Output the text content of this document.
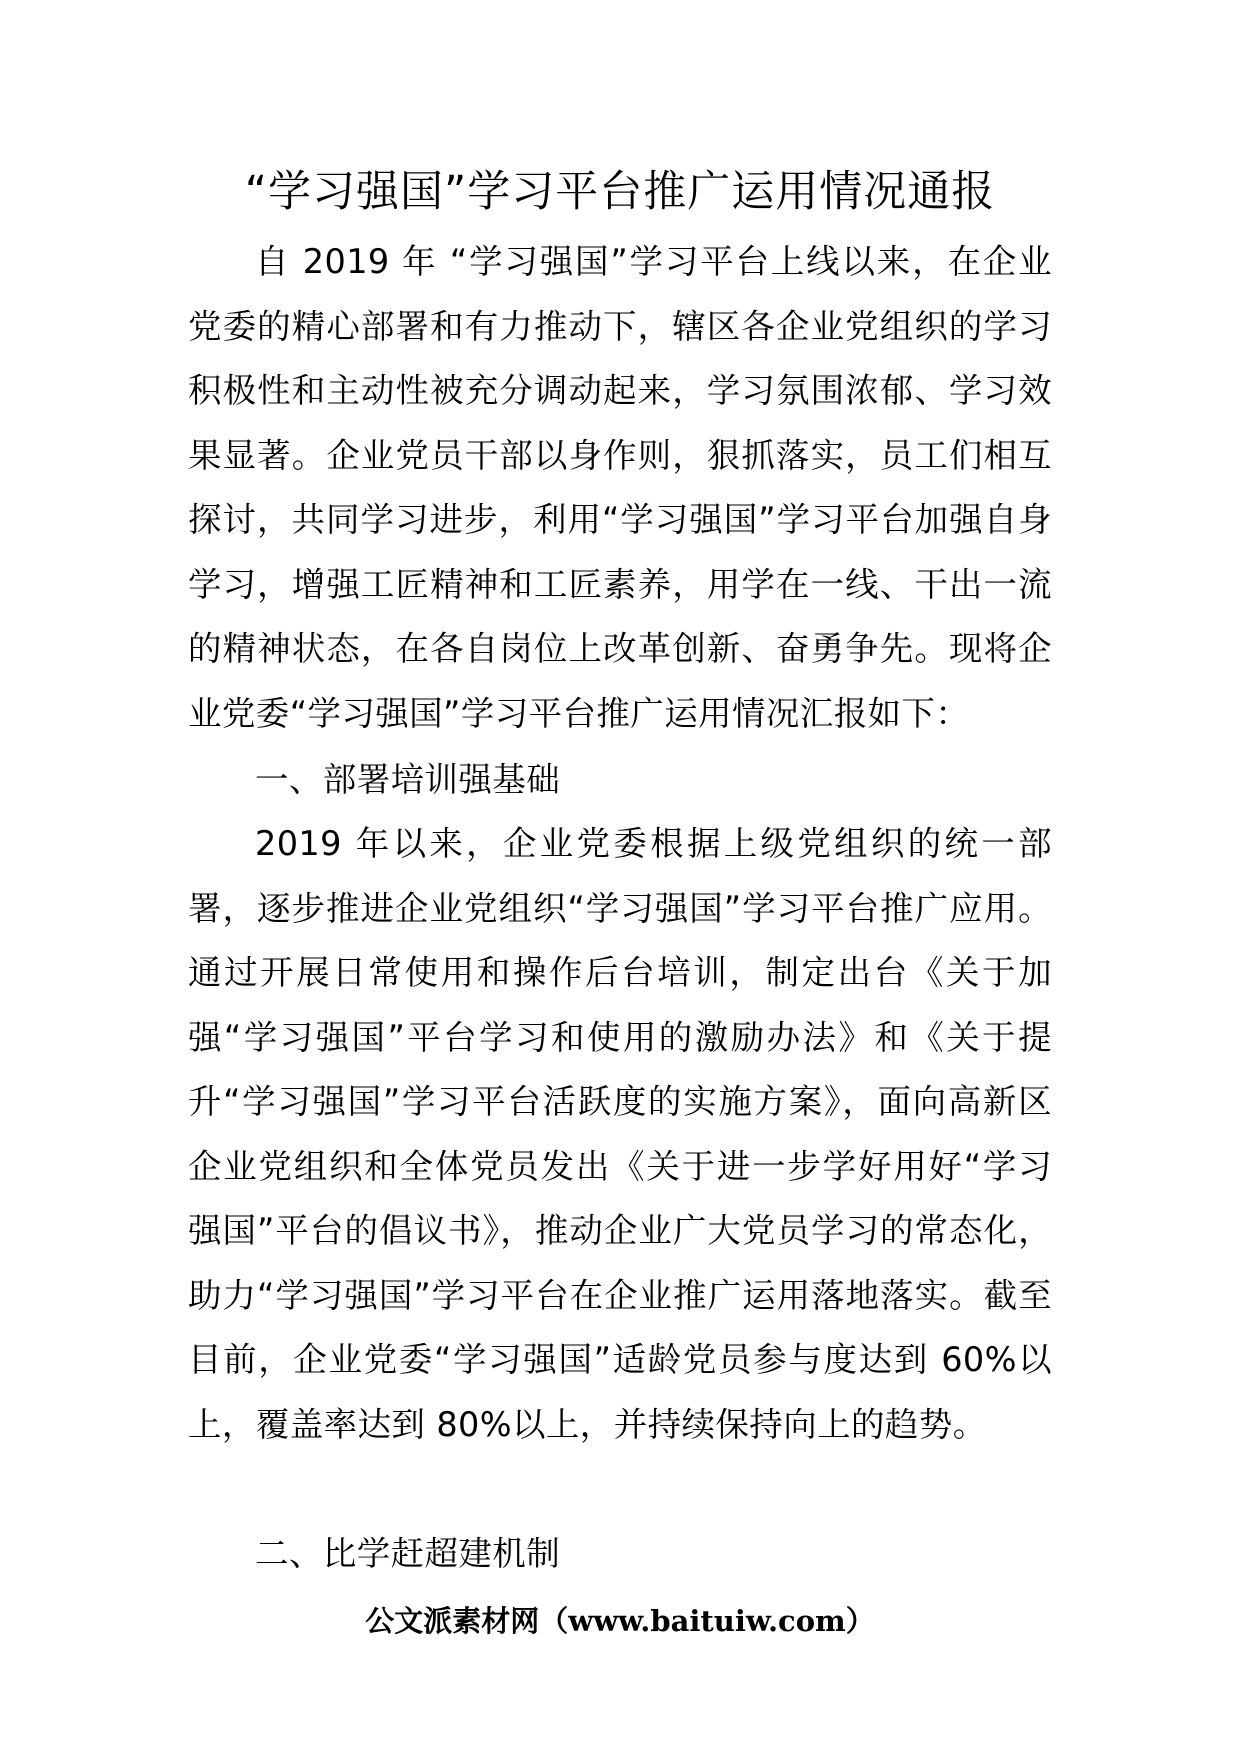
“学习强国”学习平台推广运用情况通报

自 2019 年 “学习强国”学习平台上线以来，在企业党委的精心部署和有力推动下，辖区各企业党组织的学习积极性和主动性被充分调动起来，学习氛围浓郁、学习效果显著。企业党员干部以身作则，狠抓落实，员工们相互探讨，共同学习进步，利用“学习强国”学习平台加强自身学习，增强工匠精神和工匠素养，用学在一线、干出一流的精神状态，在各自岗位上改革创新、奋勇争先。现将企业党委“学习强国”学习平台推广运用情况汇报如下：

一、部署培训强基础

2019 年以来，企业党委根据上级党组织的统一部署，逐步推进企业党组织“学习强国”学习平台推广应用。通过开展日常使用和操作后台培训，制定出台《关于加强“学习强国”平台学习和使用的激励办法》和《关于提升“学习强国”学习平台活跃度的实施方案》，面向高新区企业党组织和全体党员发出《关于进一步学好用好“学习强国”平台的倡议书》，推动企业广大党员学习的常态化，助力“学习强国”学习平台在企业推广运用落地落实。截至目前，企业党委“学习强国”适龄党员参与度达到 60%以上，覆盖率达到 80%以上，并持续保持向上的趋势。

二、比学赶超建机制

公文派素材网（www.baituiw.com）
